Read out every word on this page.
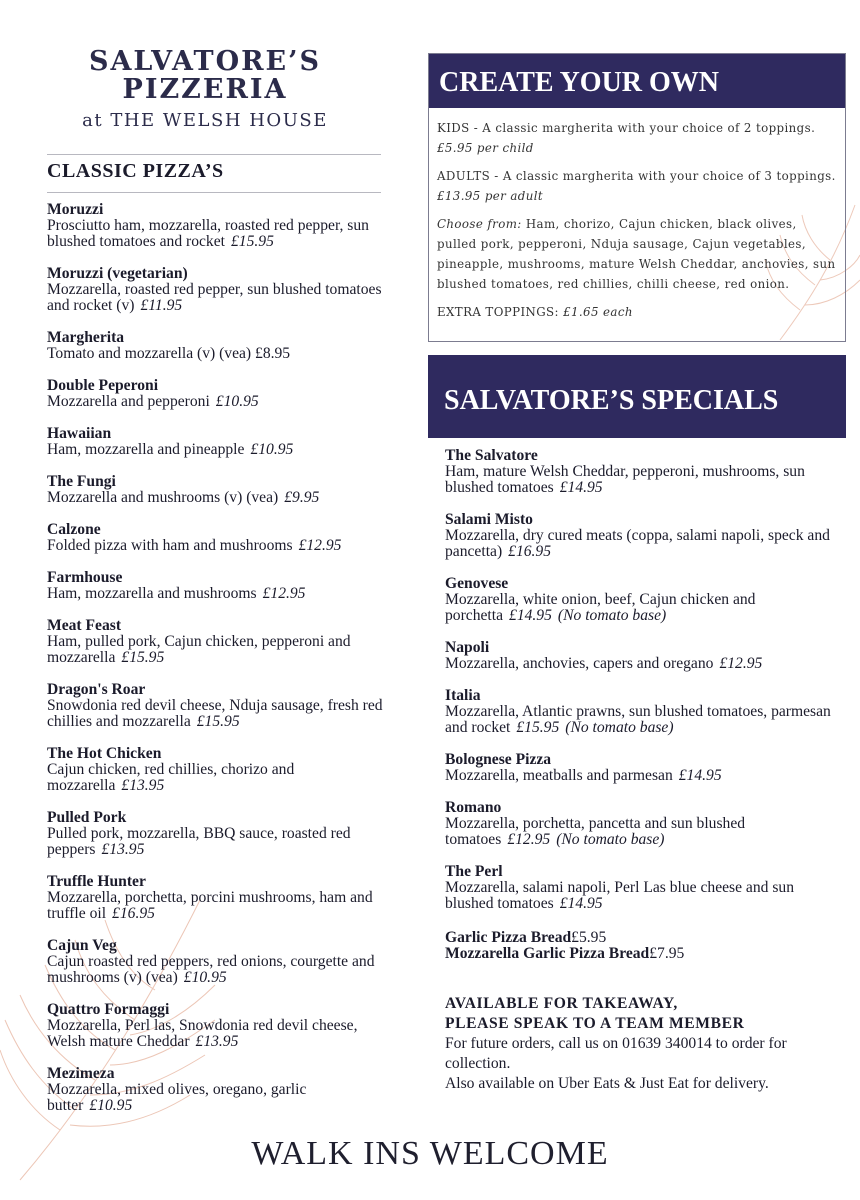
SALVATORE’S
PIZZERIA
at THE WELSH HOUSE
CLASSIC PIZZA’S
Moruzzi
Prosciutto ham, mozzarella, roasted red pepper, sun blushed tomatoes and rocket £15.95
Moruzzi (vegetarian)
Mozzarella, roasted red pepper, sun blushed tomatoes and rocket (v) £11.95
Margherita
Tomato and mozzarella (v) (vea) £8.95
Double Peperoni
Mozzarella and pepperoni £10.95
Hawaiian
Ham, mozzarella and pineapple £10.95
The Fungi
Mozzarella and mushrooms (v) (vea) £9.95
Calzone
Folded pizza with ham and mushrooms £12.95
Farmhouse
Ham, mozzarella and mushrooms £12.95
Meat Feast
Ham, pulled pork, Cajun chicken, pepperoni and mozzarella £15.95
Dragon's Roar
Snowdonia red devil cheese, Nduja sausage, fresh red chillies and mozzarella £15.95
The Hot Chicken
Cajun chicken, red chillies, chorizo and mozzarella £13.95
Pulled Pork
Pulled pork, mozzarella, BBQ sauce, roasted red peppers £13.95
Truffle Hunter
Mozzarella, porchetta, porcini mushrooms, ham and truffle oil £16.95
Cajun Veg
Cajun roasted red peppers, red onions, courgette and mushrooms (v) (vea) £10.95
Quattro Formaggi
Mozzarella, Perl las, Snowdonia red devil cheese, Welsh mature Cheddar £13.95
Mezimeza
Mozzarella, mixed olives, oregano, garlic butter £10.95
CREATE YOUR OWN

KIDS - A classic margherita with your choice of 2 toppings.
£5.95 per child

ADULTS - A classic margherita with your choice of 3 toppings. £13.95 per adult

Choose from: Ham, chorizo, Cajun chicken, black olives, pulled pork, pepperoni, Nduja sausage, Cajun vegetables, pineapple, mushrooms, mature Welsh Cheddar, anchovies, sun blushed tomatoes, red chillies, chilli cheese, red onion.

EXTRA TOPPINGS: £1.65 each

SALVATORE’S SPECIALS
The Salvatore
Ham, mature Welsh Cheddar, pepperoni, mushrooms, sun blushed tomatoes £14.95
Salami Misto
Mozzarella, dry cured meats (coppa, salami napoli, speck and pancetta) £16.95
Genovese
Mozzarella, white onion, beef, Cajun chicken and porchetta £14.95 (No tomato base)
Napoli
Mozzarella, anchovies, capers and oregano £12.95
Italia
Mozzarella, Atlantic prawns, sun blushed tomatoes, parmesan and rocket £15.95 (No tomato base)
Bolognese Pizza
Mozzarella, meatballs and parmesan £14.95
Romano
Mozzarella, porchetta, pancetta and sun blushed tomatoes £12.95 (No tomato base)
The Perl
Mozzarella, salami napoli, Perl Las blue cheese and sun blushed tomatoes £14.95
Garlic Pizza Bread£5.95
Mozzarella Garlic Pizza Bread£7.95
AVAILABLE FOR TAKEAWAY,
PLEASE SPEAK TO A TEAM MEMBER
For future orders, call us on 01639 340014 to order for collection.
Also available on Uber Eats & Just Eat for delivery.
WALK INS WELCOME
